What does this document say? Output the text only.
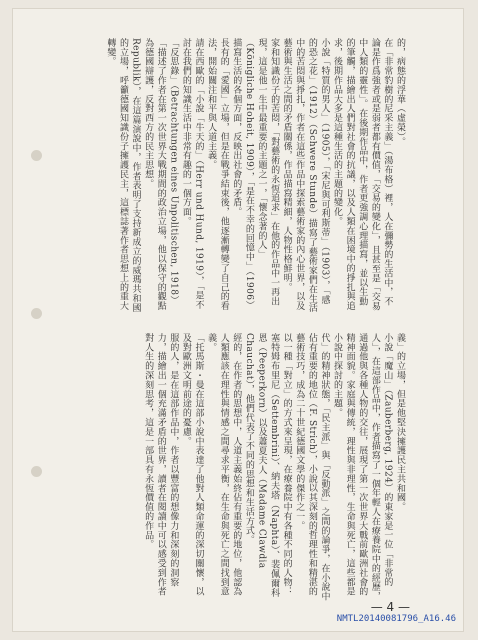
的，病態的浮華（虛榮）。

在「非常豹樹的尼采主義」（湯布格）裡，人在彌勢的生活中，不論是作爲強者或是弱者都有價值，「交易的變化」，且甚至是「交易中人類的靈性」。在後期作品中，作者更強調心理描寫，並以生動的筆觸，描繪出人們對社會的抗議，以及人類在困境中的掙扎與追求，後期作品大多是這種生活的主題的變化。

小說「特質的男人」（1905），「宋尼與可利斯蒂」（1903），「感的恐之花」（1912）（Schwere Stunde）描寫了藝術家們在生活中的苦悶與掙扎，作者在這些作品中探索藝術家的內心世界，以及藝術與生活之間的矛盾關係，作品描寫精細，人物性格鮮明。

家和知識份子的苦悶，「對藝術的永恆追求」在他的作品中一再出現，這是他一生中最重要的主題之一，「懷念著的人」（Königliche Hoheit, 1909），「是在不幸的回憶中」（1906）描寫生活的各個方面，反映出社會的矛盾。

長有的「愛國」立場，但是在戰爭結束後，他逐漸轉變了自己的看法，開始關注和平與人道主義。

請在西歐的「小說「牛天的」（Herr und Hund, 1919），「是不討在我們的知識生活中非常有趣的一個方面。

「反思錄」（Betrachtungen eines Unpolitischen, 1918）「描述了作者在第一次世界大戰期間的政治立場，他以保守的觀點為德國辯護，反對西方的民主思想。

Republik），在這篇演說中，作者表明了支持新成立的威瑪共和國的立場，呼籲德國知識份子擁護民主，這標誌著作者思想上的重大轉變。

義」的立場，但是他堅決擁護民主共和國。

小說「魔山」（Zauberberg, 1924）的東家是一位「非常的人」，在這部作品中，作者描寫了一個年輕人在療養院中的經歷，通過他與各種人物的交往，展現了第一次世界大戰前歐洲社會的精神面貌。家庭與傳統，理性與非理性，生命與死亡，這些都是小說中探討的主題。

代」的精神狀態，「民主派」與「反動派」之間的論爭，在小說中佔有重要的地位（F. Strich），小說以其深刻的哲理性和精湛的藝術技巧，成為二十世紀德國文學的傑作之一。

以一種「對立」的方式來呈現，在療養院中有各種不同的人物：塞特姆布里尼（Settembrini）、納夫塔（Naphta）、裴佩爾科恩（Peeperkorn）以及蕭夏夫人（Madame Clawdia Chauchat），他們代表了不同的思想和生活方式。

經的，在作者的思想中，人道主義始終佔有重要的地位，他認為人類應該在理性與情感之間尋求平衡，在生命與死亡之間找到意義。

「托馬斯・曼在這部小說中表達了他對人類命運的深切關懷，以及對歐洲文明前途的憂慮。

服的人，是在這部作品中，作者以豐富的想像力和深刻的洞察力，描繪出一個充滿矛盾的世界，讀者在閱讀中可以感受到作者對人生的深刻思考，這是一部具有永恆價值的作品。

— 4 —
NMTL20140081796_A16.46
